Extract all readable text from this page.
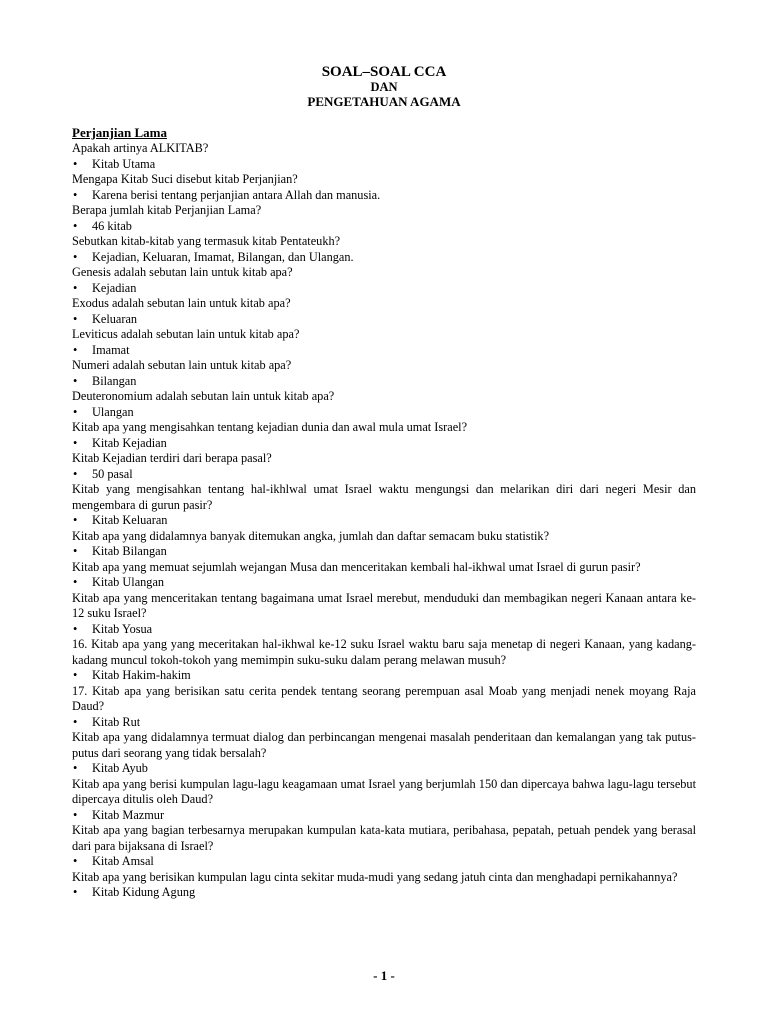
SOAL–SOAL CCA
DAN
PENGETAHUAN AGAMA
Perjanjian Lama
Apakah artinya ALKITAB?
• Kitab Utama
Mengapa Kitab Suci disebut kitab Perjanjian?
• Karena berisi tentang perjanjian antara Allah dan manusia.
Berapa jumlah kitab Perjanjian Lama?
• 46 kitab
Sebutkan kitab-kitab yang termasuk kitab Pentateukh?
• Kejadian, Keluaran, Imamat, Bilangan, dan Ulangan.
Genesis adalah sebutan lain untuk kitab apa?
• Kejadian
Exodus adalah sebutan lain untuk kitab apa?
• Keluaran
Leviticus adalah sebutan lain untuk kitab apa?
• Imamat
Numeri adalah sebutan lain untuk kitab apa?
• Bilangan
Deuteronomium adalah sebutan lain untuk kitab apa?
• Ulangan
Kitab apa yang mengisahkan tentang kejadian dunia dan awal mula umat Israel?
• Kitab Kejadian
Kitab Kejadian terdiri dari berapa pasal?
• 50 pasal
Kitab yang mengisahkan tentang hal-ikhlwal umat Israel waktu mengungsi dan melarikan diri dari negeri Mesir dan mengembara di gurun pasir?
• Kitab Keluaran
Kitab apa yang didalamnya banyak ditemukan angka, jumlah dan daftar semacam buku statistik?
• Kitab Bilangan
Kitab apa yang memuat sejumlah wejangan Musa dan menceritakan kembali hal-ikhwal umat Israel di gurun pasir?
• Kitab Ulangan
Kitab apa yang menceritakan tentang bagaimana umat Israel merebut, menduduki dan membagikan negeri Kanaan antara ke-12 suku Israel?
• Kitab Yosua
16. Kitab apa yang yang meceritakan hal-ikhwal ke-12 suku Israel waktu baru saja menetap di negeri Kanaan, yang kadang-kadang muncul tokoh-tokoh yang memimpin suku-suku dalam perang melawan musuh?
• Kitab Hakim-hakim
17. Kitab apa yang berisikan satu cerita pendek tentang seorang perempuan asal Moab yang menjadi nenek moyang Raja Daud?
• Kitab Rut
Kitab apa yang didalamnya termuat dialog dan perbincangan mengenai masalah penderitaan dan kemalangan yang tak putus-putus dari seorang yang tidak bersalah?
• Kitab Ayub
Kitab apa yang berisi kumpulan lagu-lagu keagamaan umat Israel yang berjumlah 150 dan dipercaya bahwa lagu-lagu tersebut dipercaya ditulis oleh Daud?
• Kitab Mazmur
Kitab apa yang bagian terbesarnya merupakan kumpulan kata-kata mutiara, peribahasa, pepatah, petuah pendek yang berasal dari para bijaksana di Israel?
• Kitab Amsal
Kitab apa yang berisikan kumpulan lagu cinta sekitar muda-mudi yang sedang jatuh cinta dan menghadapi pernikahannya?
• Kitab Kidung Agung
- 1 -
